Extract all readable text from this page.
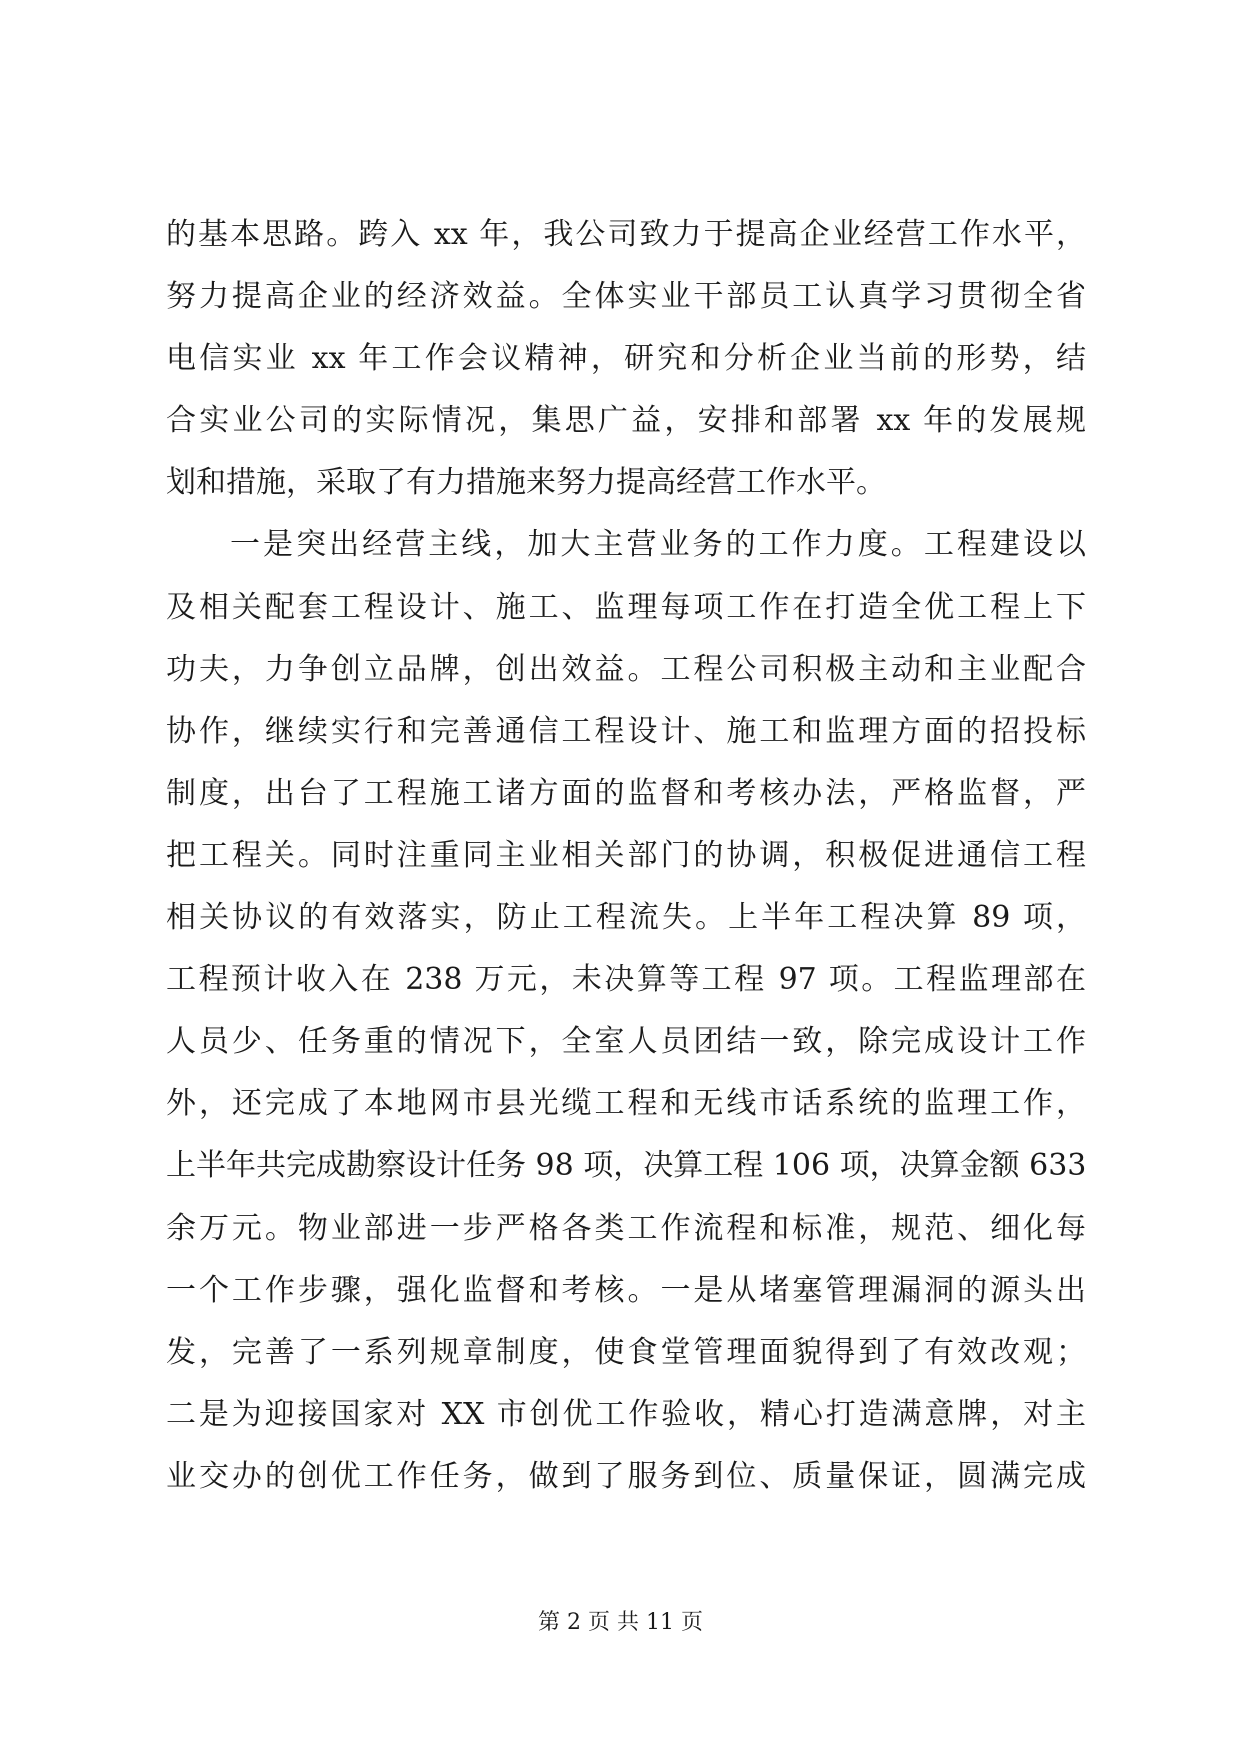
的基本思路。跨入 xx 年，我公司致力于提高企业经营工作水平，
努力提高企业的经济效益。全体实业干部员工认真学习贯彻全省
电信实业 xx 年工作会议精神，研究和分析企业当前的形势，结
合实业公司的实际情况，集思广益，安排和部署 xx 年的发展规
划和措施，采取了有力措施来努力提高经营工作水平。
一是突出经营主线，加大主营业务的工作力度。工程建设以
及相关配套工程设计、施工、监理每项工作在打造全优工程上下
功夫，力争创立品牌，创出效益。工程公司积极主动和主业配合
协作，继续实行和完善通信工程设计、施工和监理方面的招投标
制度，出台了工程施工诸方面的监督和考核办法，严格监督，严
把工程关。同时注重同主业相关部门的协调，积极促进通信工程
相关协议的有效落实，防止工程流失。上半年工程决算 89 项，
工程预计收入在 238 万元，未决算等工程 97 项。工程监理部在
人员少、任务重的情况下，全室人员团结一致，除完成设计工作
外，还完成了本地网市县光缆工程和无线市话系统的监理工作，
上半年共完成勘察设计任务 98 项，决算工程 106 项，决算金额 633
余万元。物业部进一步严格各类工作流程和标准，规范、细化每
一个工作步骤，强化监督和考核。一是从堵塞管理漏洞的源头出
发，完善了一系列规章制度，使食堂管理面貌得到了有效改观；
二是为迎接国家对 XX 市创优工作验收，精心打造满意牌，对主
业交办的创优工作任务，做到了服务到位、质量保证，圆满完成
第 2 页 共 11 页
